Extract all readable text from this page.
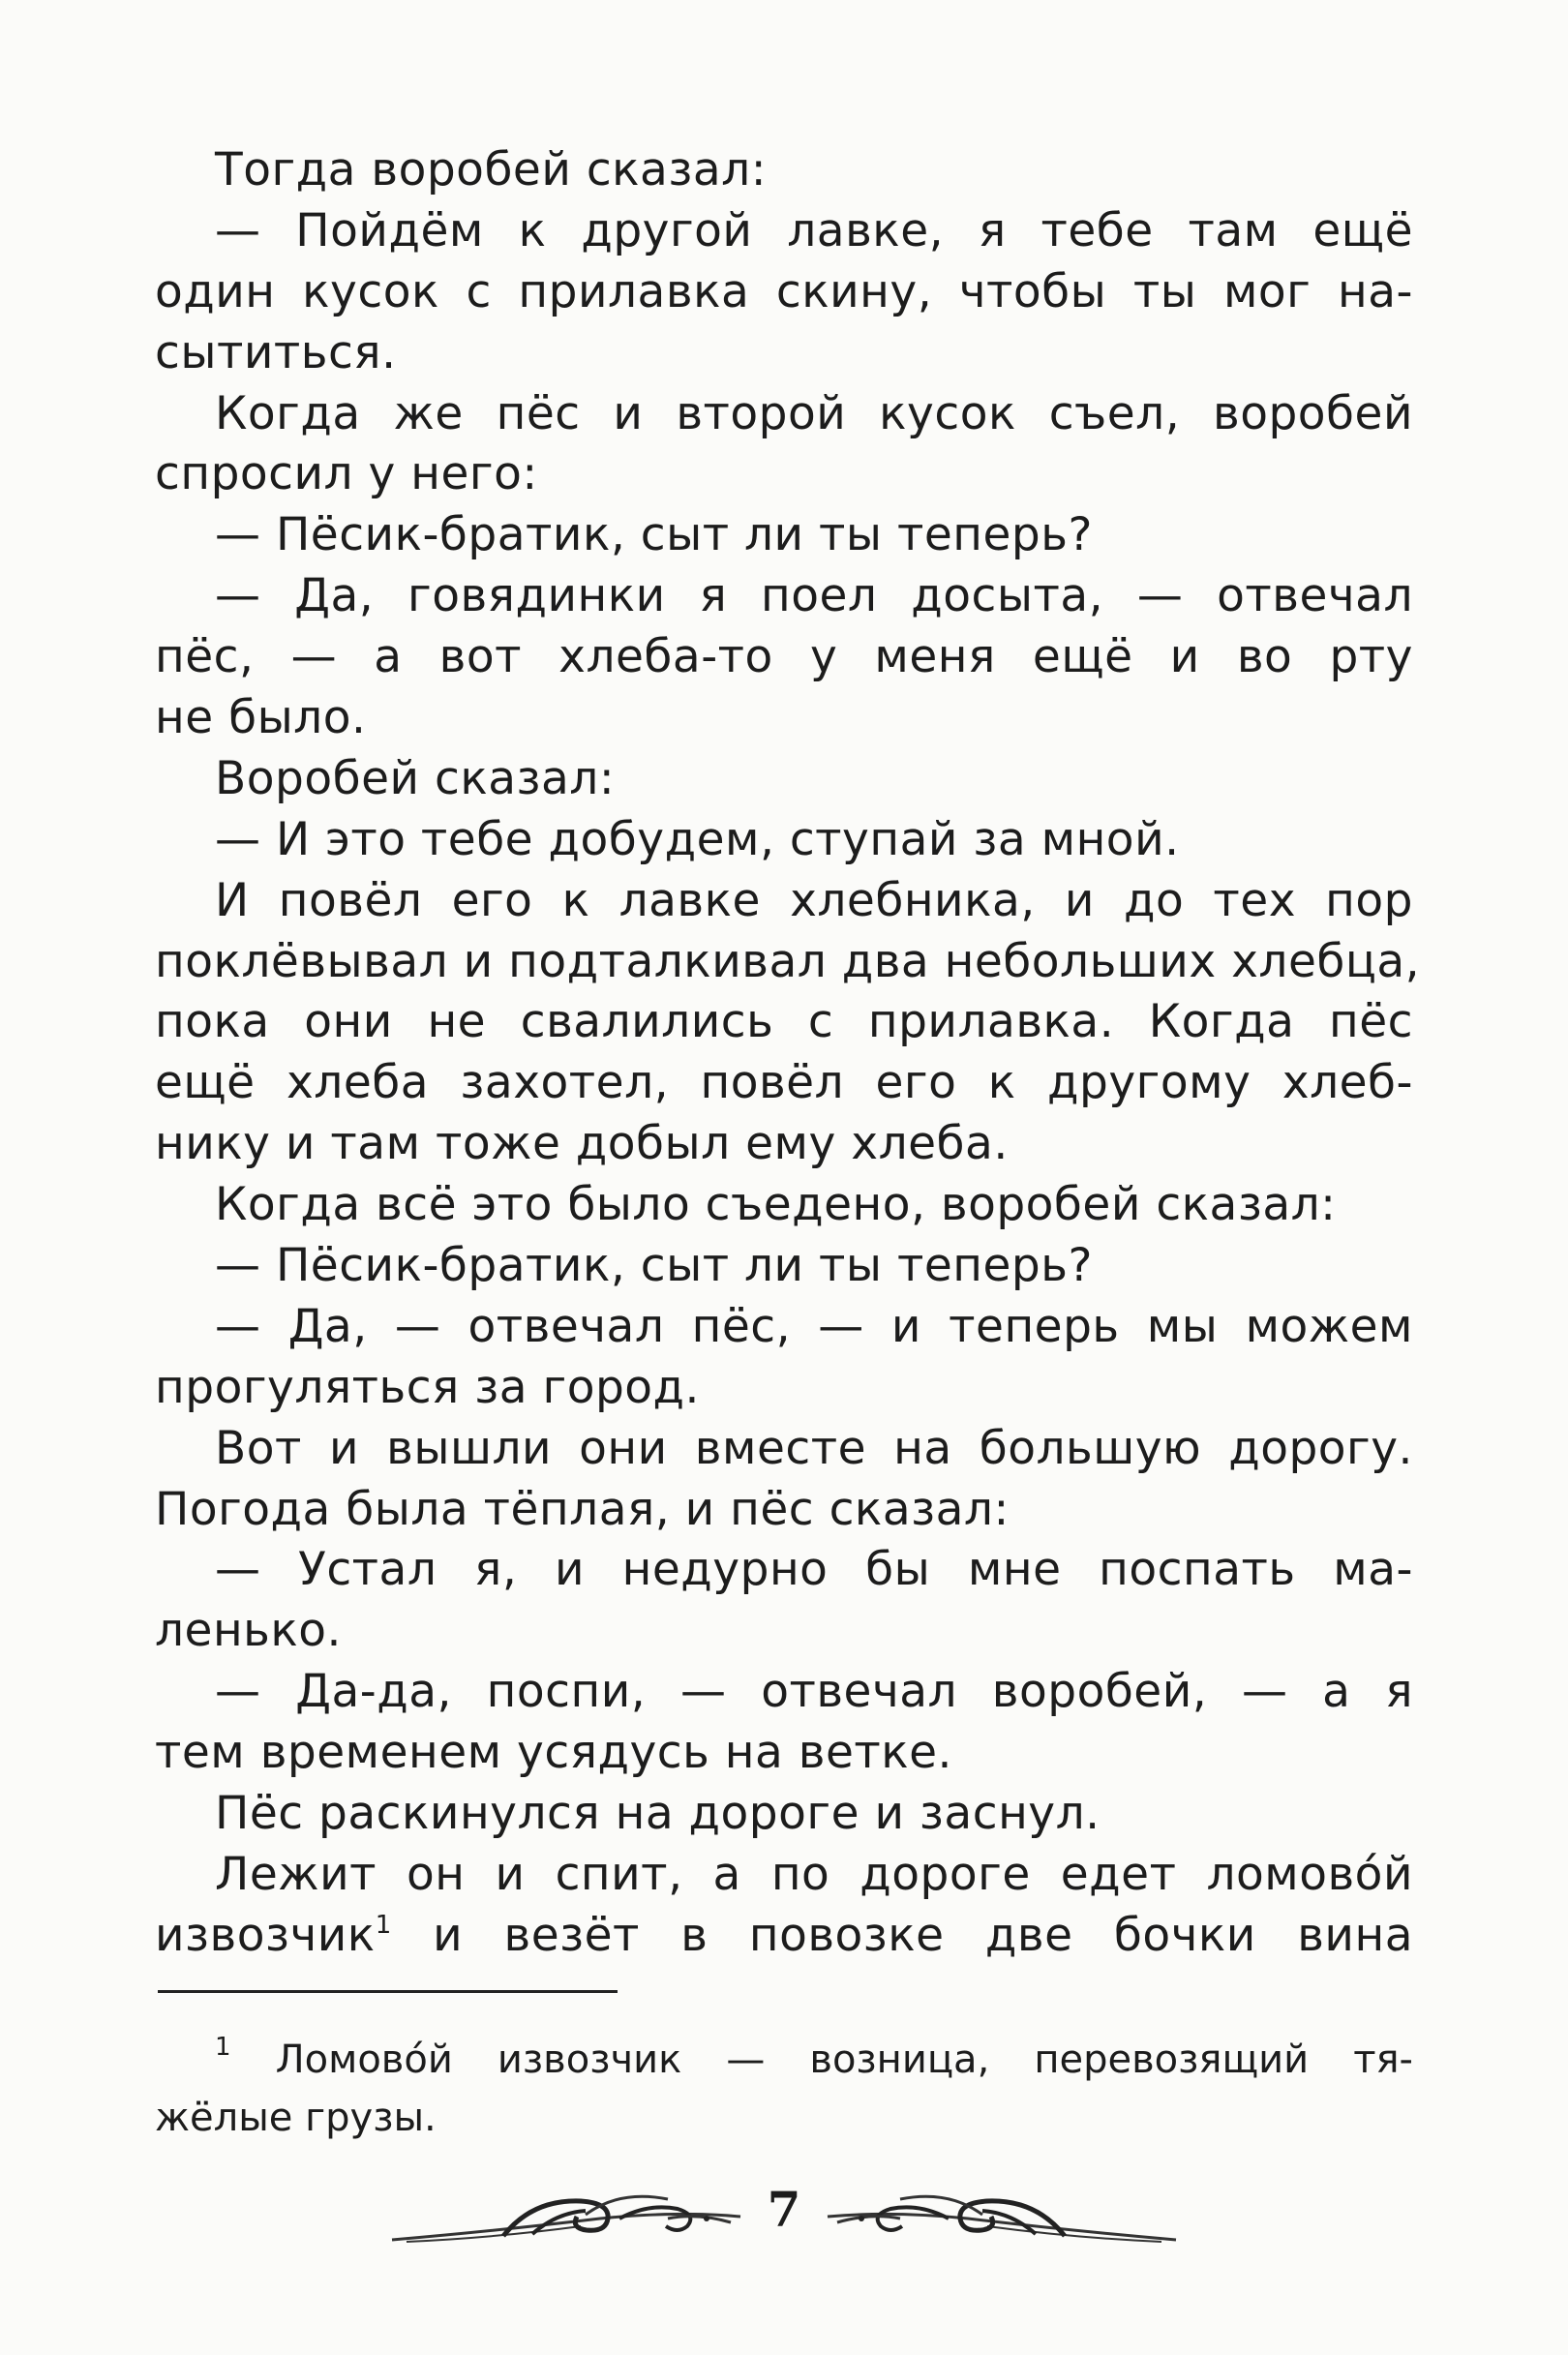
Тогда воробей сказал:
— Пойдём к другой лавке, я тебе там ещё
один кусок с прилавка скину, чтобы ты мог на-
сытиться.
Когда же пёс и второй кусок съел, воробей
спросил у него:
— Пёсик-братик, сыт ли ты теперь?
— Да, говядинки я поел досыта, — отвечал
пёс, — а вот хлеба-то у меня ещё и во рту
не было.
Воробей сказал:
— И это тебе добудем, ступай за мной.
И повёл его к лавке хлебника, и до тех пор
поклёвывал и подталкивал два небольших хлебца,
пока они не свалились с прилавка. Когда пёс
ещё хлеба захотел, повёл его к другому хлеб-
нику и там тоже добыл ему хлеба.
Когда всё это было съедено, воробей сказал:
— Пёсик-братик, сыт ли ты теперь?
— Да, — отвечал пёс, — и теперь мы можем
прогуляться за город.
Вот и вышли они вместе на большую дорогу.
Погода была тёплая, и пёс сказал:
— Устал я, и недурно бы мне поспать ма-
ленько.
— Да-да, поспи, — отвечал воробей, — а я
тем временем усядусь на ветке.
Пёс раскинулся на дороге и заснул.
Лежит он и спит, а по дороге едет ломово́й
извозчик$^1$ и везёт в повозке две бочки вина
$^1$ Ломово́й извозчик — возница, перевозящий тя-
жёлые грузы.
7
